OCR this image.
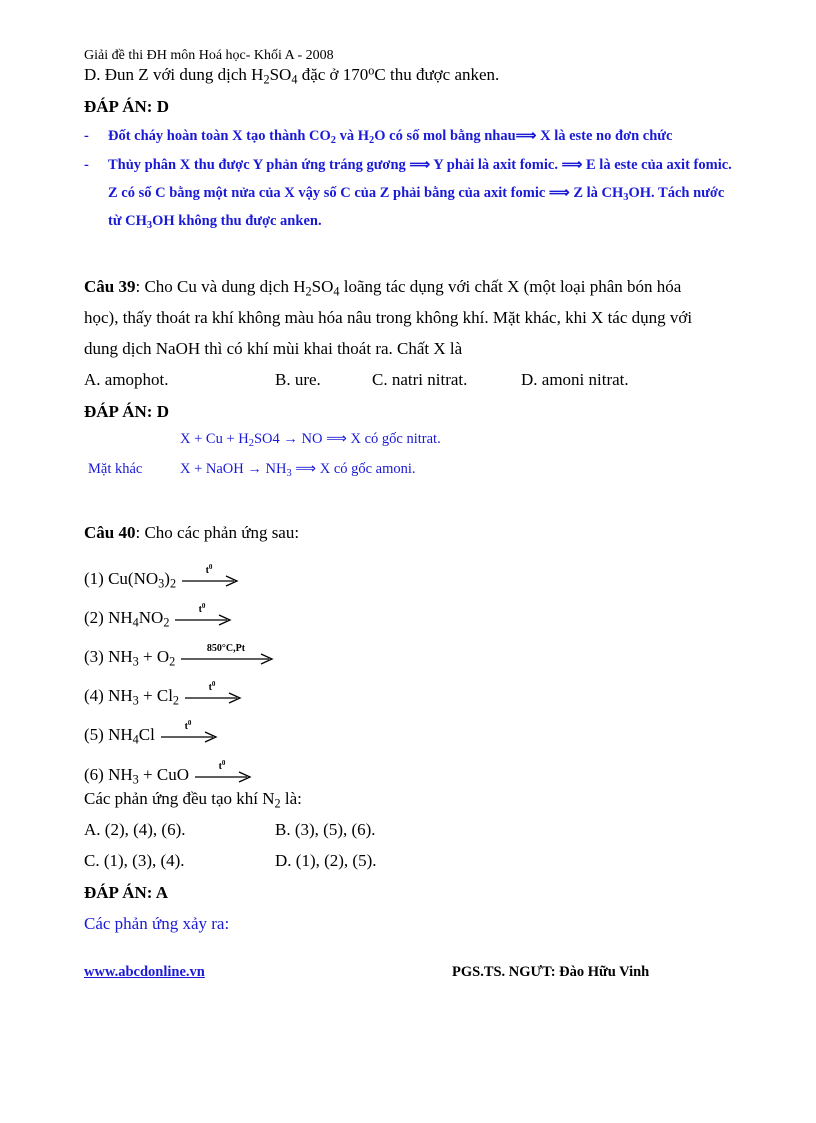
Giải đề thi ĐH môn Hoá học- Khối A - 2008
D. Đun Z với dung dịch $H_2SO_4$ đặc ở 170$^o$C thu được anken.
ĐÁP ÁN: D
- Đốt cháy hoàn toàn X tạo thành $CO_2$ và $H_2O$ có số mol bằng nhau⟹ X là este no đơn chức
- Thủy phân X thu được Y phản ứng tráng gương ⟹ Y phải là axit fomic. ⟹ E là este của axit fomic.
Z có số C bằng một nửa của X vậy số C của Z phải bằng của axit fomic ⟹ Z là $CH_3OH$. Tách nước
từ $CH_3OH$ không thu được anken.
Câu 39: Cho Cu và dung dịch $H_2SO_4$ loãng tác dụng với chất X (một loại phân bón hóa
học), thấy thoát ra khí không màu hóa nâu trong không khí. Mặt khác, khi X tác dụng với
dung dịch NaOH thì có khí mùi khai thoát ra. Chất X là
A. amophot.	B. ure.	C. natri nitrat.	D. amoni nitrat.
ĐÁP ÁN: D
$X + Cu + H_2SO4$ → NO ⟹ X có gốc nitrat.
Mặt khác	X + NaOH → $NH_3$ ⟹ X có gốc amoni.
Câu 40: Cho các phản ứng sau:
(1) $Cu(NO_3)_2$
$t^0$
(2) $NH_4NO_2$
$t^0$
(3) $NH_3 + O_2$
850°C,Pt
(4) $NH_3 + Cl_2$
$t^0$
(5) $NH_4Cl$	$t^0$
(6) $NH_3$ + CuO	$t^0$
Các phản ứng đều tạo khí $N_2$ là:
A. (2), (4), (6).	B. (3), (5), (6).
C. (1), (3), (4).	D. (1), (2), (5).
ĐÁP ÁN: A
Các phản ứng xảy ra:
www.abcdonline.vn	PGS.TS. NGƯT: Đào Hữu Vinh
